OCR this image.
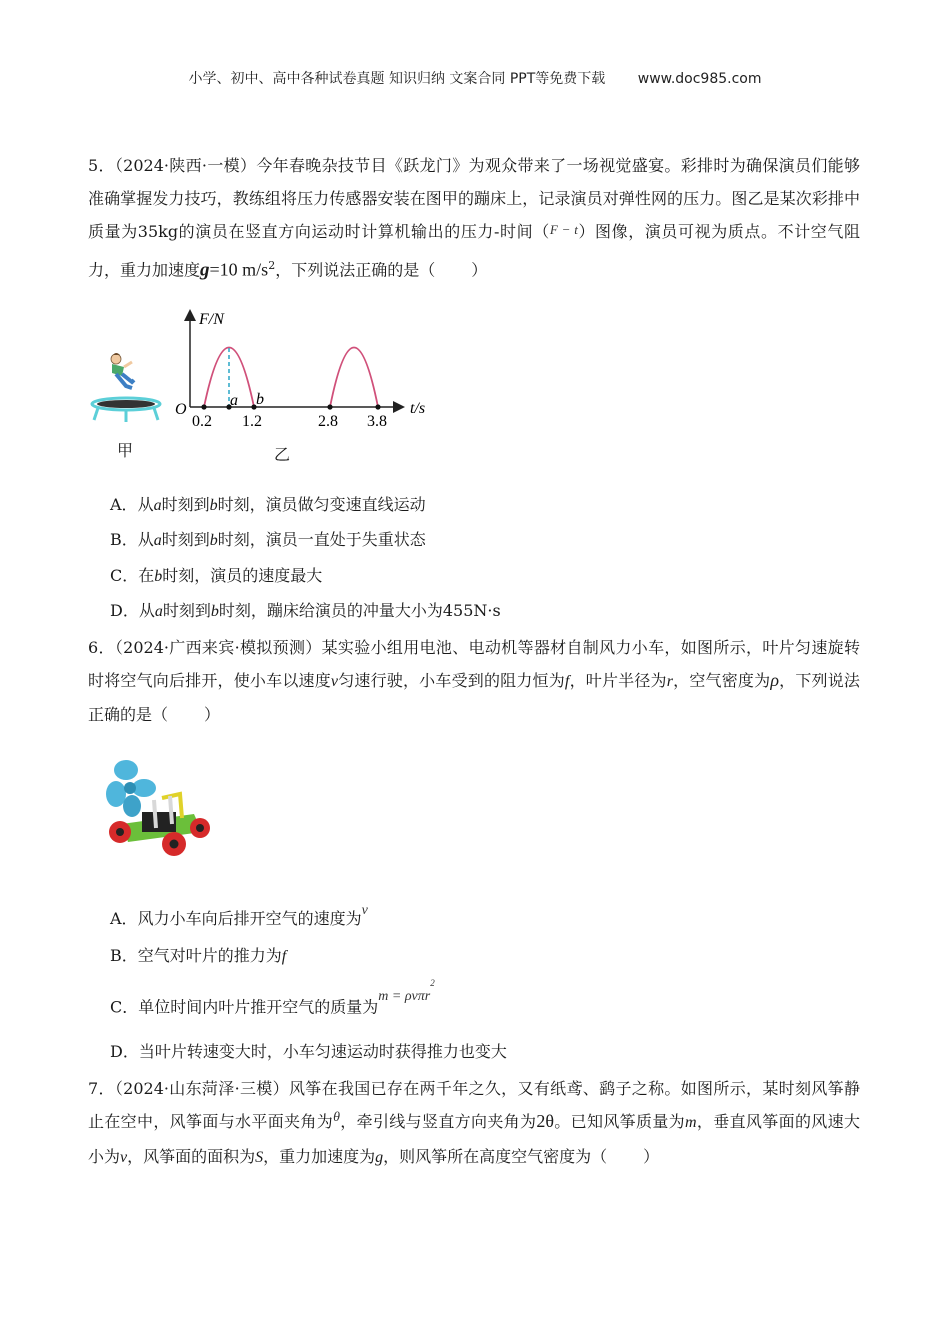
小学、初中、高中各种试卷真题 知识归纳 文案合同 PPT等免费下载 www.doc985.com
5．（2024·陕西·一模）今年春晚杂技节目《跃龙门》为观众带来了一场视觉盛宴。彩排时为确保演员们能够准确掌握发力技巧，教练组将压力传感器安装在图甲的蹦床上，记录演员对弹性网的压力。图乙是某次彩排中质量为35kg的演员在竖直方向运动时计算机输出的压力-时间（F − t）图像，演员可视为质点。不计空气阻力，重力加速度g=10 $m/s^2$，下列说法正确的是（ ）
甲
F/N
t/s
O
a b
0.2 1.2	2.8 3.8
乙
A．从a时刻到b时刻，演员做匀变速直线运动
B．从a时刻到b时刻，演员一直处于失重状态
C．在b时刻，演员的速度最大
D．从a时刻到b时刻，蹦床给演员的冲量大小为455N·s
6．（2024·广西来宾·模拟预测）某实验小组用电池、电动机等器材自制风力小车，如图所示，叶片匀速旋转时将空气向后排开，使小车以速度v匀速行驶，小车受到的阻力恒为f，叶片半径为r，空气密度为ρ，下列说法正确的是（ ）
A．风力小车向后排开空气的速度为v
B．空气对叶片的推力为f
C．单位时间内叶片推开空气的质量为m = ρvπr$^2$
D．当叶片转速变大时，小车匀速运动时获得推力也变大
7．（2024·山东菏泽·三模）风筝在我国已存在两千年之久，又有纸鸢、鹞子之称。如图所示，某时刻风筝静止在空中，风筝面与水平面夹角为θ，牵引线与竖直方向夹角为2θ。已知风筝质量为m，垂直风筝面的风速大小为v，风筝面的面积为S，重力加速度为g，则风筝所在高度空气密度为（ ）
